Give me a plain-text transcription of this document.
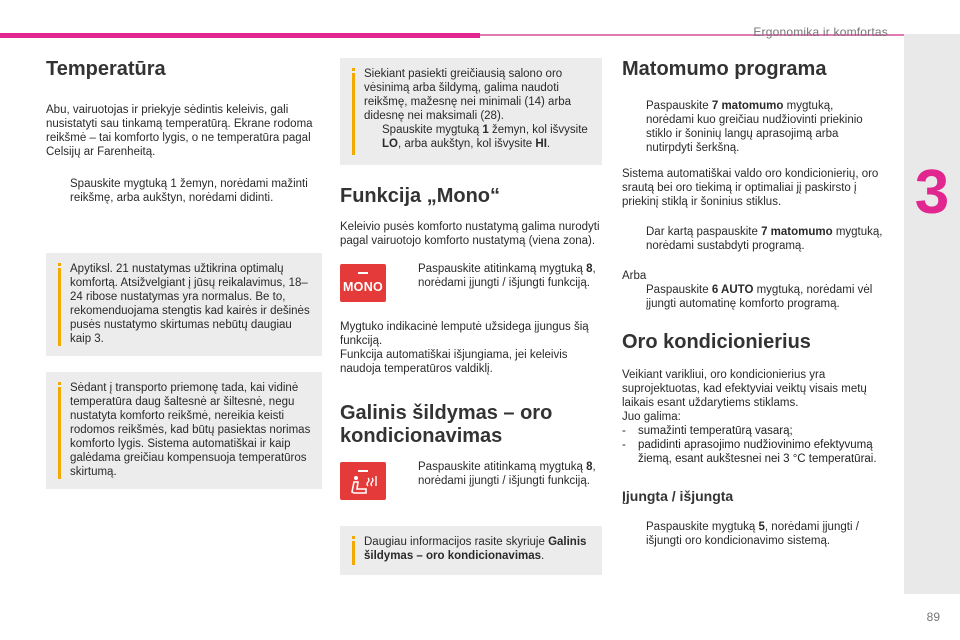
Ergonomika ir komfortas
3
Temperatūra

Abu, vairuotojas ir priekyje sėdintis keleivis, gali nusistatyti sau tinkamą temperatūrą. Ekrane rodoma reikšmė – tai komforto lygis, o ne temperatūra pagal Celsijų ar Farenheitą.

Spauskite mygtuką 1 žemyn, norėdami mažinti reikšmę, arba aukštyn, norėdami didinti.

Apytiksl. 21 nustatymas užtikrina optimalų komfortą. Atsižvelgiant į jūsų reikalavimus, 18–24 ribose nustatymas yra normalus. Be to, rekomenduojama stengtis kad kairės ir dešinės pusės nustatymo skirtumas nebūtų daugiau kaip 3.

Sėdant į transporto priemonę tada, kai vidinė temperatūra daug šaltesnė ar šiltesnė, negu nustatyta komforto reikšmė, nereikia keisti rodomos reikšmės, kad būtų pasiektas norimas komforto lygis. Sistema automatiškai ir kaip galėdama greičiau kompensuoja temperatūros skirtumą.

Siekiant pasiekti greičiausią salono oro vėsinimą arba šildymą, galima naudoti reikšmę, mažesnę nei minimali (14) arba didesnę nei maksimali (28).

Spauskite mygtuką 1 žemyn, kol išvysite LO, arba aukštyn, kol išvysite HI.
Funkcija „Mono“

Keleivio pusės komforto nustatymą galima nurodyti pagal vairuotojo komforto nustatymą (viena zona).

MONO
Paspauskite atitinkamą mygtuką 8, norėdami įjungti / išjungti funkciją.

Mygtuko indikacinė lemputė užsidega įjungus šią funkciją.

Funkcija automatiškai išjungiama, jei keleivis naudoja temperatūros valdiklį.

Galinis šildymas – oro kondicionavimas
Paspauskite atitinkamą mygtuką 8, norėdami įjungti / išjungti funkciją.

Daugiau informacijos rasite skyriuje Galinis šildymas – oro kondicionavimas.

Matomumo programa
Paspauskite 7 matomumo mygtuką, norėdami kuo greičiau nudžiovinti priekinio stiklo ir šoninių langų aprasojimą arba nutirpdyti šerkšną.

Sistema automatiškai valdo oro kondicionierių, oro srautą bei oro tiekimą ir optimaliai jį paskirsto į priekinį stiklą ir šoninius stiklus.

Dar kartą paspauskite 7 matomumo mygtuką, norėdami sustabdyti programą.

Arba

Paspauskite 6 AUTO mygtuką, norėdami vėl įjungti automatinę komforto programą.
Oro kondicionierius

Veikiant varikliui, oro kondicionierius yra suprojektuotas, kad efektyviai veiktų visais metų laikais esant uždarytiems stiklams.

Juo galima:

- sumažinti temperatūrą vasarą;
- padidinti aprasojimo nudžiovinimo efektyvumą žiemą, esant aukštesnei nei 3 °C temperatūrai.
Įjungta / išjungta
Paspauskite mygtuką 5, norėdami įjungti / išjungti oro kondicionavimo sistemą.
89
